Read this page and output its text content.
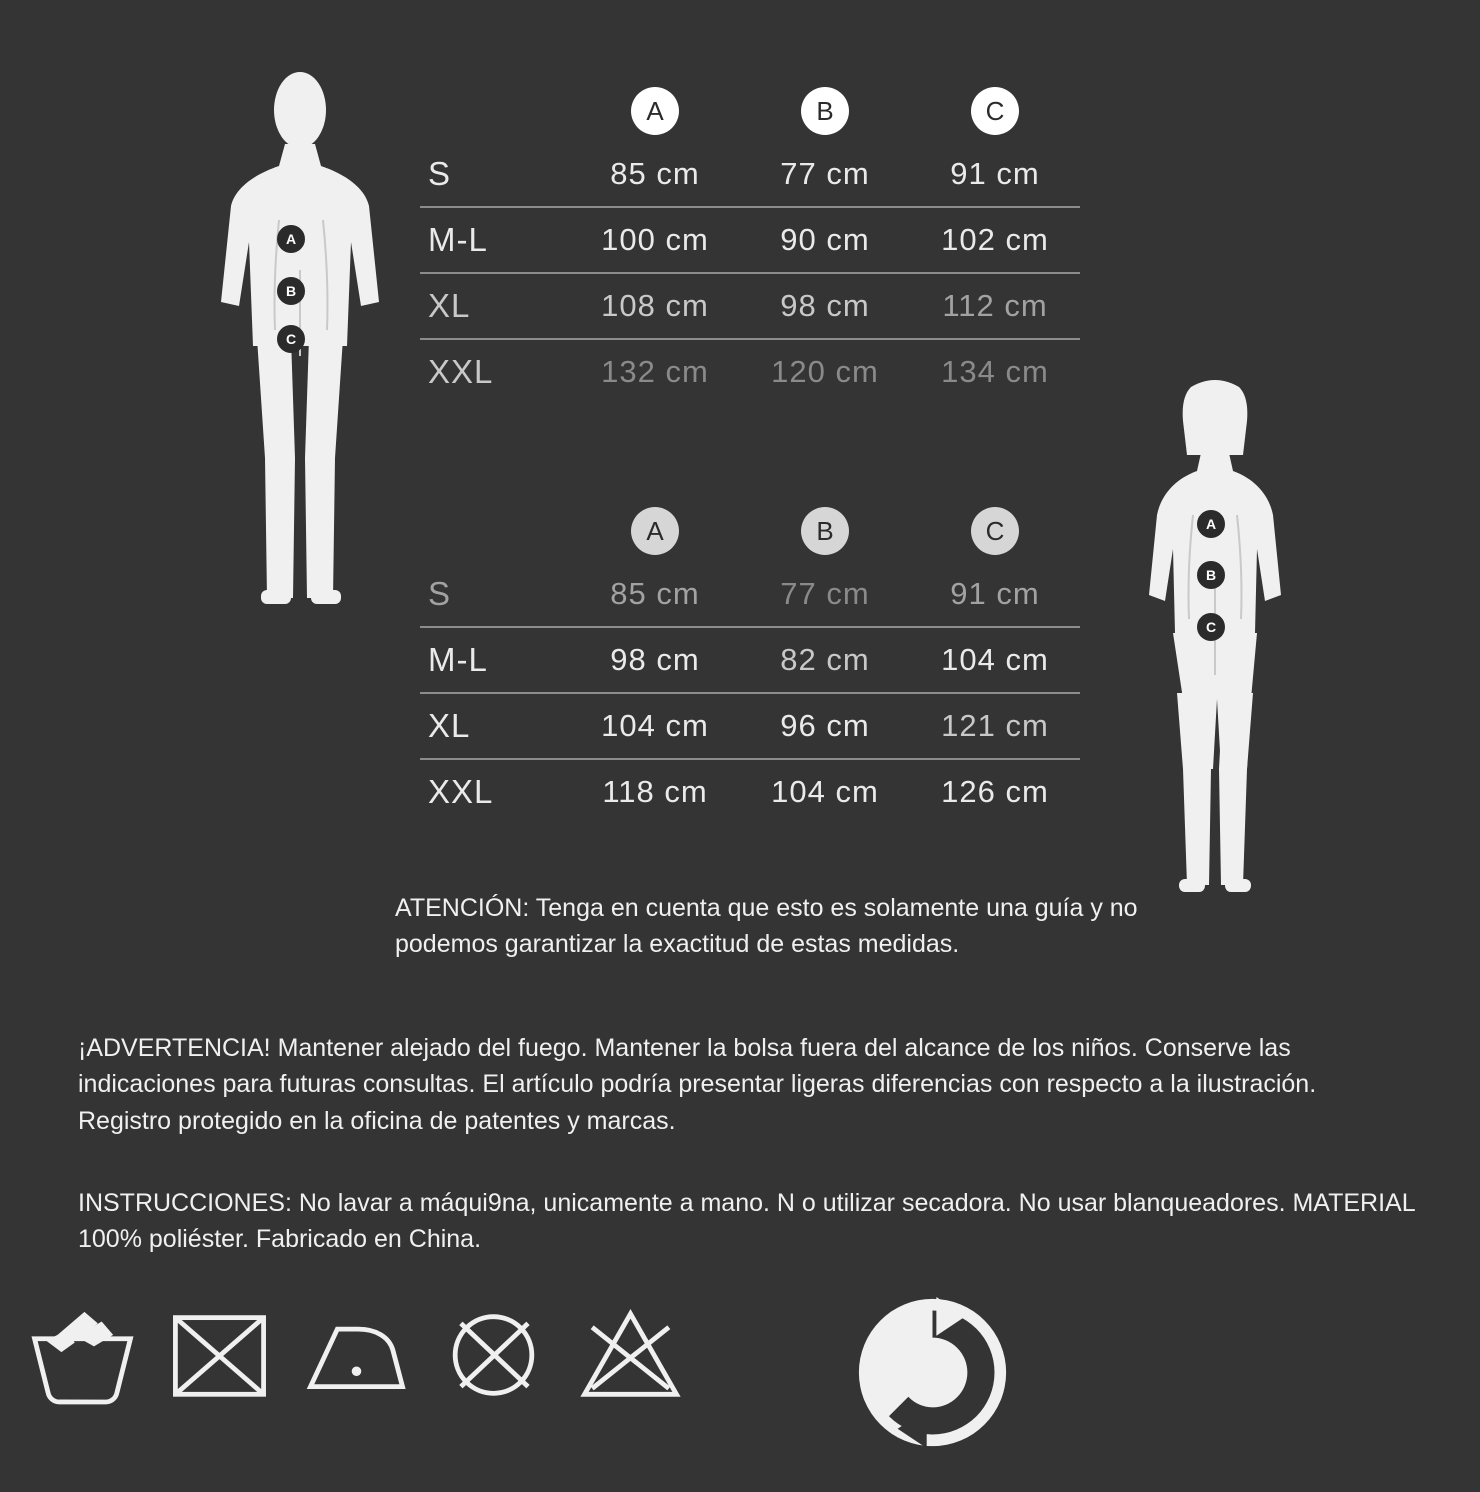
A
B
C
A
B
C
A	B	C
S	85 cm	77 cm	91 cm
M-L	100 cm	90 cm	102 cm
XL	108 cm	98 cm	112 cm
XXL	132 cm	120 cm	134 cm
A	B	C
S	85 cm	77 cm	91 cm
M-L	98 cm	82 cm	104 cm
XL	104 cm	96 cm	121 cm
XXL	118 cm	104 cm	126 cm
ATENCIÓN: Tenga en cuenta que esto es solamente una guía y no podemos garantizar la exactitud de estas medidas.
¡ADVERTENCIA! Mantener alejado del fuego. Mantener la bolsa fuera del alcance de los niños. Conserve las indicaciones para futuras consultas. El artículo podría presentar ligeras diferencias con respecto a la ilustración. Registro protegido en la oficina de patentes y marcas.
INSTRUCCIONES: No lavar a máqui9na, unicamente a mano. N o utilizar secadora. No usar blanqueadores. MATERIAL 100% poliéster. Fabricado en China.
